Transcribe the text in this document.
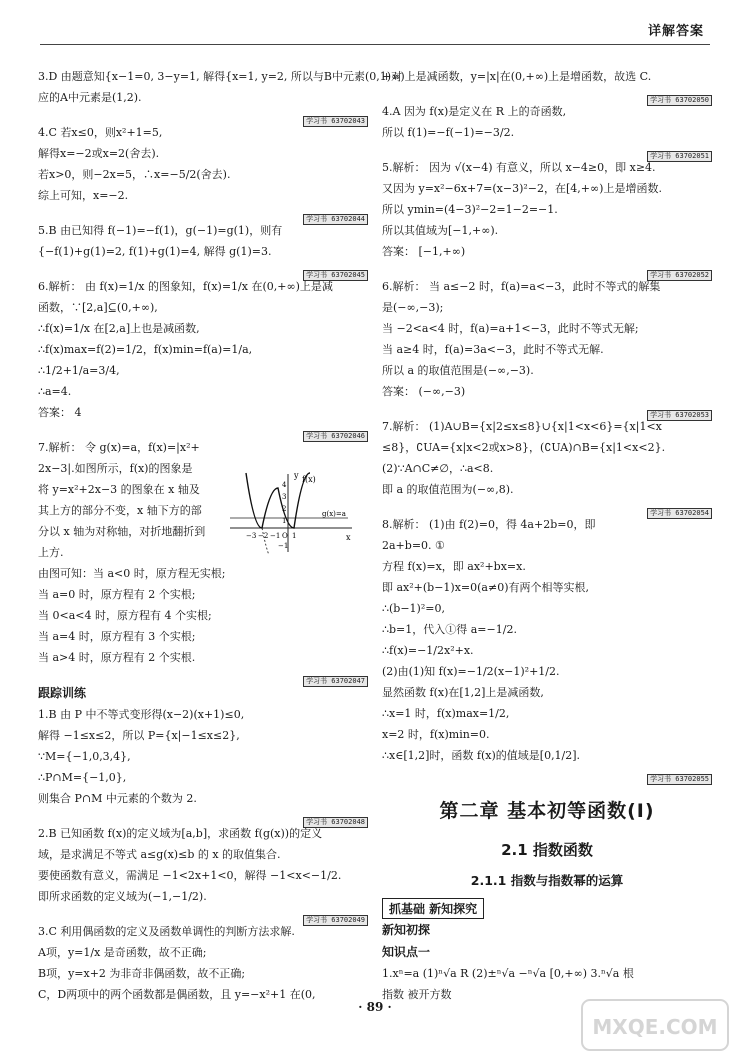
详解答案
3.D 由题意知{x−1=0, 3−y=1, 解得{x=1, y=2, 所以与B中元素(0,1)对
应的A中元素是(1,2).
学习书 63702043
4.C 若x≤0，则x²+1=5,
解得x=−2或x=2(舍去).
若x>0，则−2x=5，∴x=−5/2(舍去).
综上可知，x=−2.
学习书 63702044
5.B 由已知得 f(−1)=−f(1)，g(−1)=g(1)，则有
{−f(1)+g(1)=2, f(1)+g(1)=4, 解得 g(1)=3.
学习书 63702045
6.解析： 由 f(x)=1/x 的图象知，f(x)=1/x 在(0,+∞)上是减
函数，∵[2,a]⊆(0,+∞),
∴f(x)=1/x 在[2,a]上也是减函数,
∴f(x)max=f(2)=1/2，f(x)min=f(a)=1/a,
∴1/2+1/a=3/4,
∴a=4.
答案： 4
学习书 63702046
7.解析： 令 g(x)=a，f(x)=|x²+
2x−3|.如图所示，f(x)的图象是
将 y=x²+2x−3 的图象在 x 轴及
其上方的部分不变，x 轴下方的部
分以 x 轴为对称轴，对折地翻折到
上方.
由图可知：当 a<0 时，原方程无实根;
当 a=0 时，原方程有 2 个实根;
当 0<a<4 时，原方程有 4 个实根;
当 a=4 时，原方程有 3 个实根;
当 a>4 时，原方程有 2 个实根.
学习书 63702047
跟踪训练
1.B 由 P 中不等式变形得(x−2)(x+1)≤0,
解得 −1≤x≤2，所以 P={x|−1≤x≤2},
∵M={−1,0,3,4},
∴P∩M={−1,0},
则集合 P∩M 中元素的个数为 2.
学习书 63702048
2.B 已知函数 f(x)的定义域为[a,b]，求函数 f(g(x))的定义
域，是求满足不等式 a≤g(x)≤b 的 x 的取值集合.
要使函数有意义，需满足 −1<2x+1<0，解得 −1<x<−1/2.
即所求函数的定义域为(−1,−1/2).
学习书 63702049
3.C 利用偶函数的定义及函数单调性的判断方法求解.
A项，y=1/x 是奇函数，故不正确;
B项，y=x+2 为非奇非偶函数，故不正确;
C，D两项中的两个函数都是偶函数，且 y=−x²+1 在(0,
+∞)上是减函数，y=|x|在(0,+∞)上是增函数，故选 C.
学习书 63702050
4.A 因为 f(x)是定义在 R 上的奇函数,
所以 f(1)=−f(−1)=−3/2.
学习书 63702051
5.解析： 因为 √(x−4) 有意义，所以 x−4≥0，即 x≥4.
又因为 y=x²−6x+7=(x−3)²−2，在[4,+∞)上是增函数.
所以 ymin=(4−3)²−2=1−2=−1.
所以其值域为[−1,+∞).
答案： [−1,+∞)
学习书 63702052
6.解析： 当 a≤−2 时，f(a)=a<−3，此时不等式的解集
是(−∞,−3);
当 −2<a<4 时，f(a)=a+1<−3，此时不等式无解;
当 a≥4 时，f(a)=3a<−3，此时不等式无解.
所以 a 的取值范围是(−∞,−3).
答案： (−∞,−3)
学习书 63702053
7.解析： (1)A∪B={x|2≤x≤8}∪{x|1<x<6}={x|1<x
≤8}，∁UA={x|x<2或x>8}，(∁UA)∩B={x|1<x<2}.
(2)∵A∩C≠∅，∴a<8.
即 a 的取值范围为(−∞,8).
学习书 63702054
8.解析： (1)由 f(2)=0，得 4a+2b=0，即
2a+b=0. ①
方程 f(x)=x，即 ax²+bx=x.
即 ax²+(b−1)x=0(a≠0)有两个相等实根,
∴(b−1)²=0,
∴b=1，代入①得 a=−1/2.
∴f(x)=−1/2x²+x.
(2)由(1)知 f(x)=−1/2(x−1)²+1/2.
显然函数 f(x)在[1,2]上是减函数,
∴x=1 时，f(x)max=1/2,
x=2 时，f(x)min=0.
∴x∈[1,2]时，函数 f(x)的值域是[0,1/2].
学习书 63702055
第二章 基本初等函数(Ⅰ)
2.1 指数函数
2.1.1 指数与指数幂的运算
抓基础 新知探究
新知初探
知识点一
1.xⁿ=a (1)ⁿ√a R (2)±ⁿ√a −ⁿ√a [0,+∞) 3.ⁿ√a 根
指数 被开方数
y f(x)
g(x)=a
x
O
−3 −2 −1 1
4
3
2
1
−1
· 89 ·
MXQE.COM
